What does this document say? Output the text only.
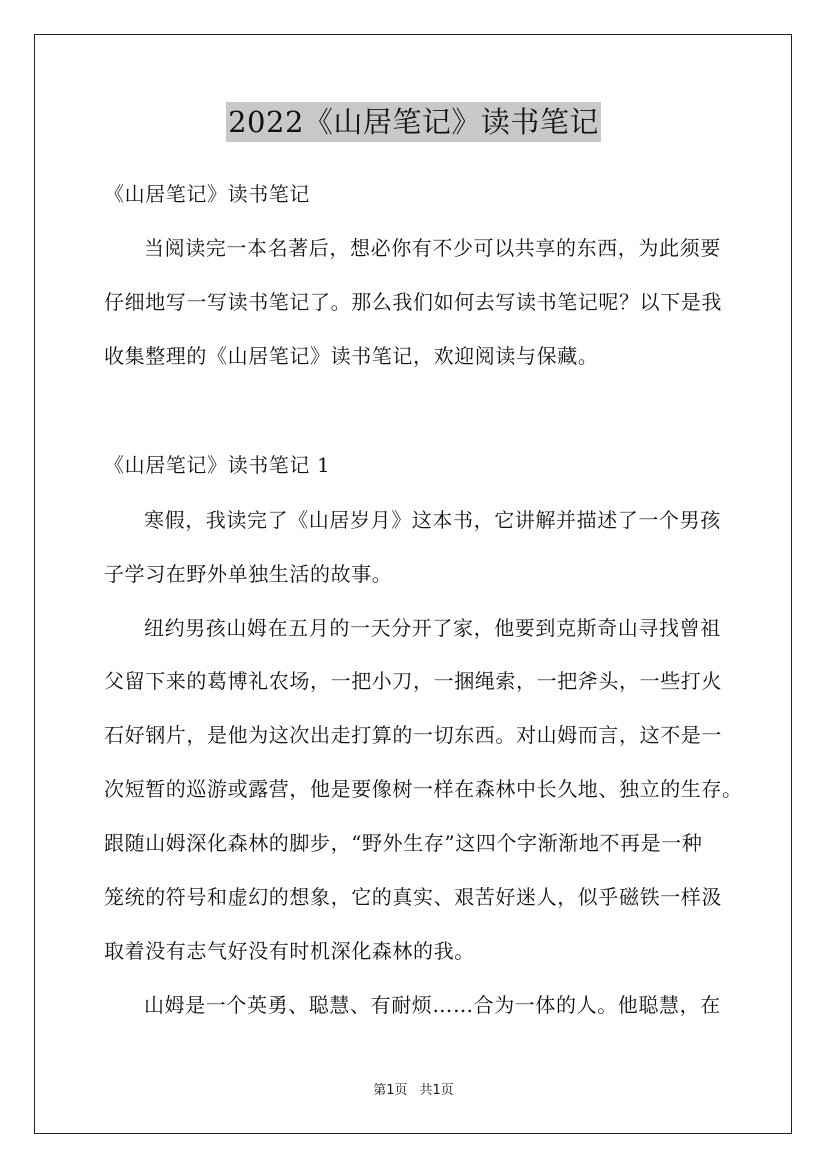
2022《山居笔记》读书笔记
《山居笔记》读书笔记
当阅读完一本名著后，想必你有不少可以共享的东西，为此须要
仔细地写一写读书笔记了。那么我们如何去写读书笔记呢？以下是我
收集整理的《山居笔记》读书笔记，欢迎阅读与保藏。
《山居笔记》读书笔记 1
寒假，我读完了《山居岁月》这本书，它讲解并描述了一个男孩
子学习在野外单独生活的故事。
纽约男孩山姆在五月的一天分开了家，他要到克斯奇山寻找曾祖
父留下来的葛博礼农场，一把小刀，一捆绳索，一把斧头，一些打火
石好钢片，是他为这次出走打算的一切东西。对山姆而言，这不是一
次短暂的巡游或露营，他是要像树一样在森林中长久地、独立的生存。
跟随山姆深化森林的脚步，“野外生存”这四个字渐渐地不再是一种
笼统的符号和虚幻的想象，它的真实、艰苦好迷人，似乎磁铁一样汲
取着没有志气好没有时机深化森林的我。
山姆是一个英勇、聪慧、有耐烦……合为一体的人。他聪慧，在
第1页 共1页
